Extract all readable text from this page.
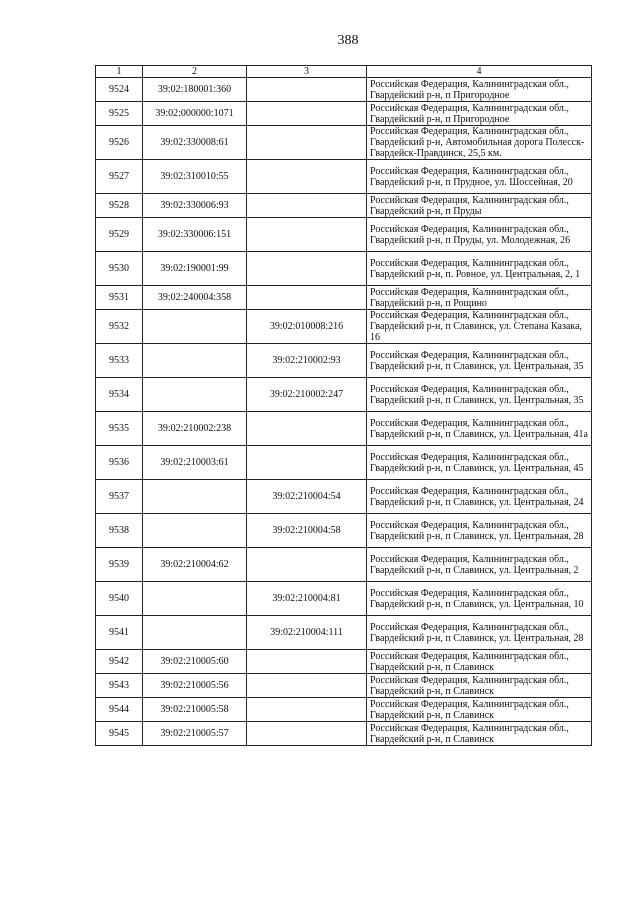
388
1	2	3	4
9524	39:02:180001:360		Российская Федерация, Калининградская обл., Гвардейский р-н, п Пригородное
9525	39:02:000000:1071		Российская Федерация, Калининградская обл., Гвардейский р-н, п Пригородное
9526	39:02:330008:61		Российская Федерация, Калининградская обл., Гвардейский р-н, Автомобильная дорога Полесск-Гвардейск-Правдинск, 25,5 км.
9527	39:02:310010:55		Российская Федерация, Калининградская обл., Гвардейский р-н, п Прудное, ул. Шоссейная, 20
9528	39:02:330006:93		Российская Федерация, Калининградская обл., Гвардейский р-н, п Пруды
9529	39:02:330006:151		Российская Федерация, Калининградская обл., Гвардейский р-н, п Пруды, ул. Молодежная, 26
9530	39:02:190001:99		Российская Федерация, Калининградская обл., Гвардейский р-н, п. Ровное, ул. Центральная, 2, 1
9531	39:02:240004:358		Российская Федерация, Калининградская обл., Гвардейский р-н, п Рощино
9532		39:02:010008:216	Российская Федерация, Калининградская обл., Гвардейский р-н, п Славинск, ул. Степана Казака, 16
9533		39:02:210002:93	Российская Федерация, Калининградская обл., Гвардейский р-н, п Славинск, ул. Центральная, 35
9534		39:02:210002:247	Российская Федерация, Калининградская обл., Гвардейский р-н, п Славинск, ул. Центральная, 35
9535	39:02:210002:238		Российская Федерация, Калининградская обл., Гвардейский р-н, п Славинск, ул. Центральная, 41а
9536	39:02:210003:61		Российская Федерация, Калининградская обл., Гвардейский р-н, п Славинск, ул. Центральная, 45
9537		39:02:210004:54	Российская Федерация, Калининградская обл., Гвардейский р-н, п Славинск, ул. Центральная, 24
9538		39:02:210004:58	Российская Федерация, Калининградская обл., Гвардейский р-н, п Славинск, ул. Центральная, 28
9539	39:02:210004:62		Российская Федерация, Калининградская обл., Гвардейский р-н, п Славинск, ул. Центральная, 2
9540		39:02:210004:81	Российская Федерация, Калининградская обл., Гвардейский р-н, п Славинск, ул. Центральная, 10
9541		39:02:210004:111	Российская Федерация, Калининградская обл., Гвардейский р-н, п Славинск, ул. Центральная, 28
9542	39:02:210005:60		Российская Федерация, Калининградская обл., Гвардейский р-н, п Славинск
9543	39:02:210005:56		Российская Федерация, Калининградская обл., Гвардейский р-н, п Славинск
9544	39:02:210005:58		Российская Федерация, Калининградская обл., Гвардейский р-н, п Славинск
9545	39:02:210005:57		Российская Федерация, Калининградская обл., Гвардейский р-н, п Славинск
